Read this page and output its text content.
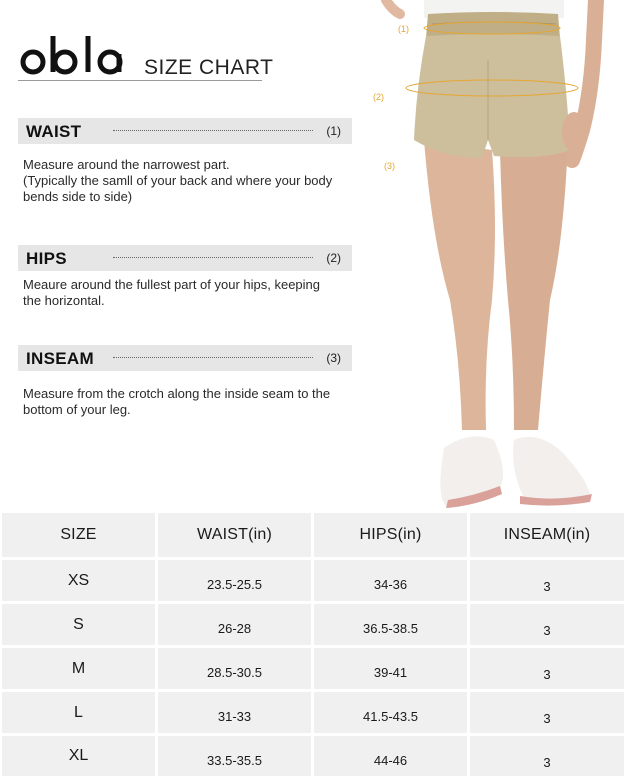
SIZE CHART
WAIST	(1)
Measure around the narrowest part.
(Typically the samll of your back and where your body
bends side to side)
HIPS	(2)
Meaure around the fullest part of your hips, keeping
the horizontal.
INSEAM	(3)
Measure from the crotch along the inside seam to the
bottom of your leg.
(1)
(2)
(3)
SIZE	WAIST(in)	HIPS(in)	INSEAM(in)
XS	23.5-25.5	34-36	3
S	26-28	36.5-38.5	3
M	28.5-30.5	39-41	3
L	31-33	41.5-43.5	3
XL	33.5-35.5	44-46	3
